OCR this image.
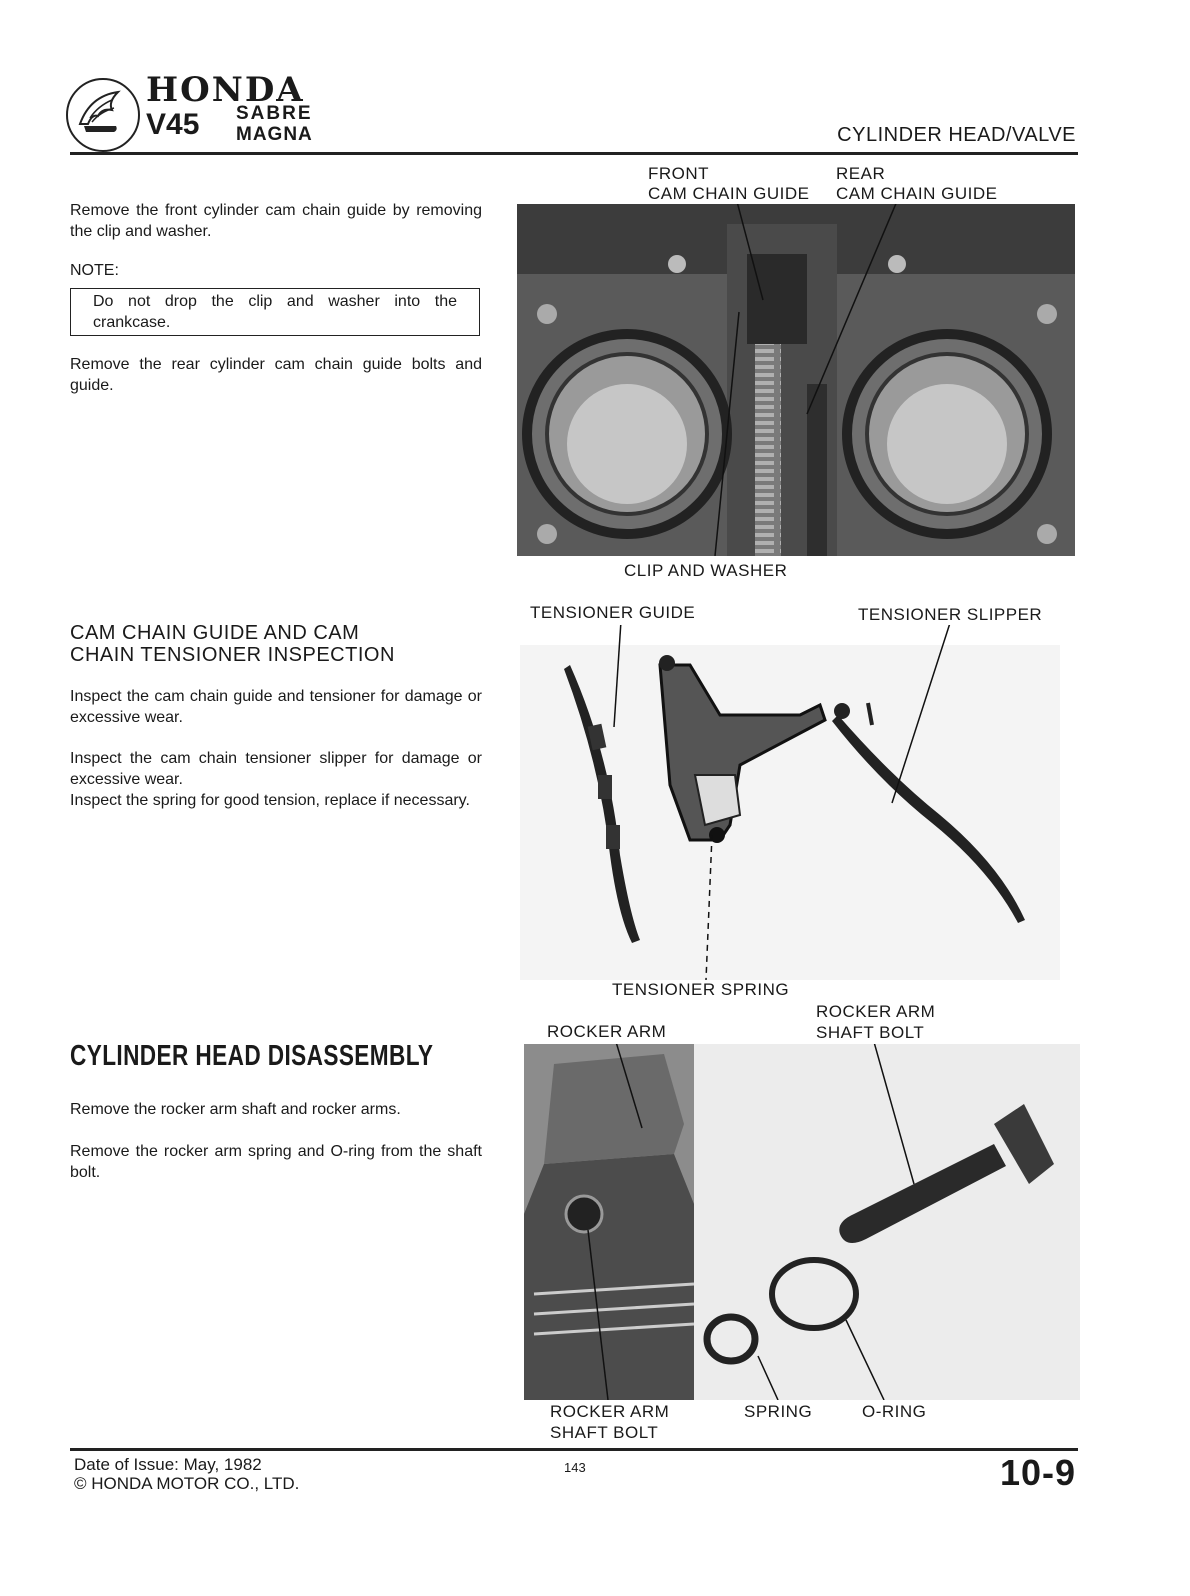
HONDA
V45 SABRE
MAGNA	CYLINDER HEAD/VALVE
Remove the front cylinder cam chain guide by removing the clip and washer.
NOTE:
Do not drop the clip and washer into the crankcase.
Remove the rear cylinder cam chain guide bolts and guide.
FRONT
CAM CHAIN GUIDE
REAR
CAM CHAIN GUIDE
CLIP AND WASHER
CAM CHAIN GUIDE AND CAM
CHAIN TENSIONER INSPECTION
Inspect the cam chain guide and tensioner for damage or excessive wear.
Inspect the cam chain tensioner slipper for damage or excessive wear.
Inspect the spring for good tension, replace if necessary.
TENSIONER GUIDE	TENSIONER SLIPPER
TENSIONER SPRING
CYLINDER HEAD DISASSEMBLY
Remove the rocker arm shaft and rocker arms.
Remove the rocker arm spring and O-ring from the shaft bolt.
ROCKER ARM
ROCKER ARM
SHAFT BOLT
ROCKER ARM
SHAFT BOLT
SPRING	O-RING
Date of Issue: May, 1982
© HONDA MOTOR CO., LTD.
143	10-9
